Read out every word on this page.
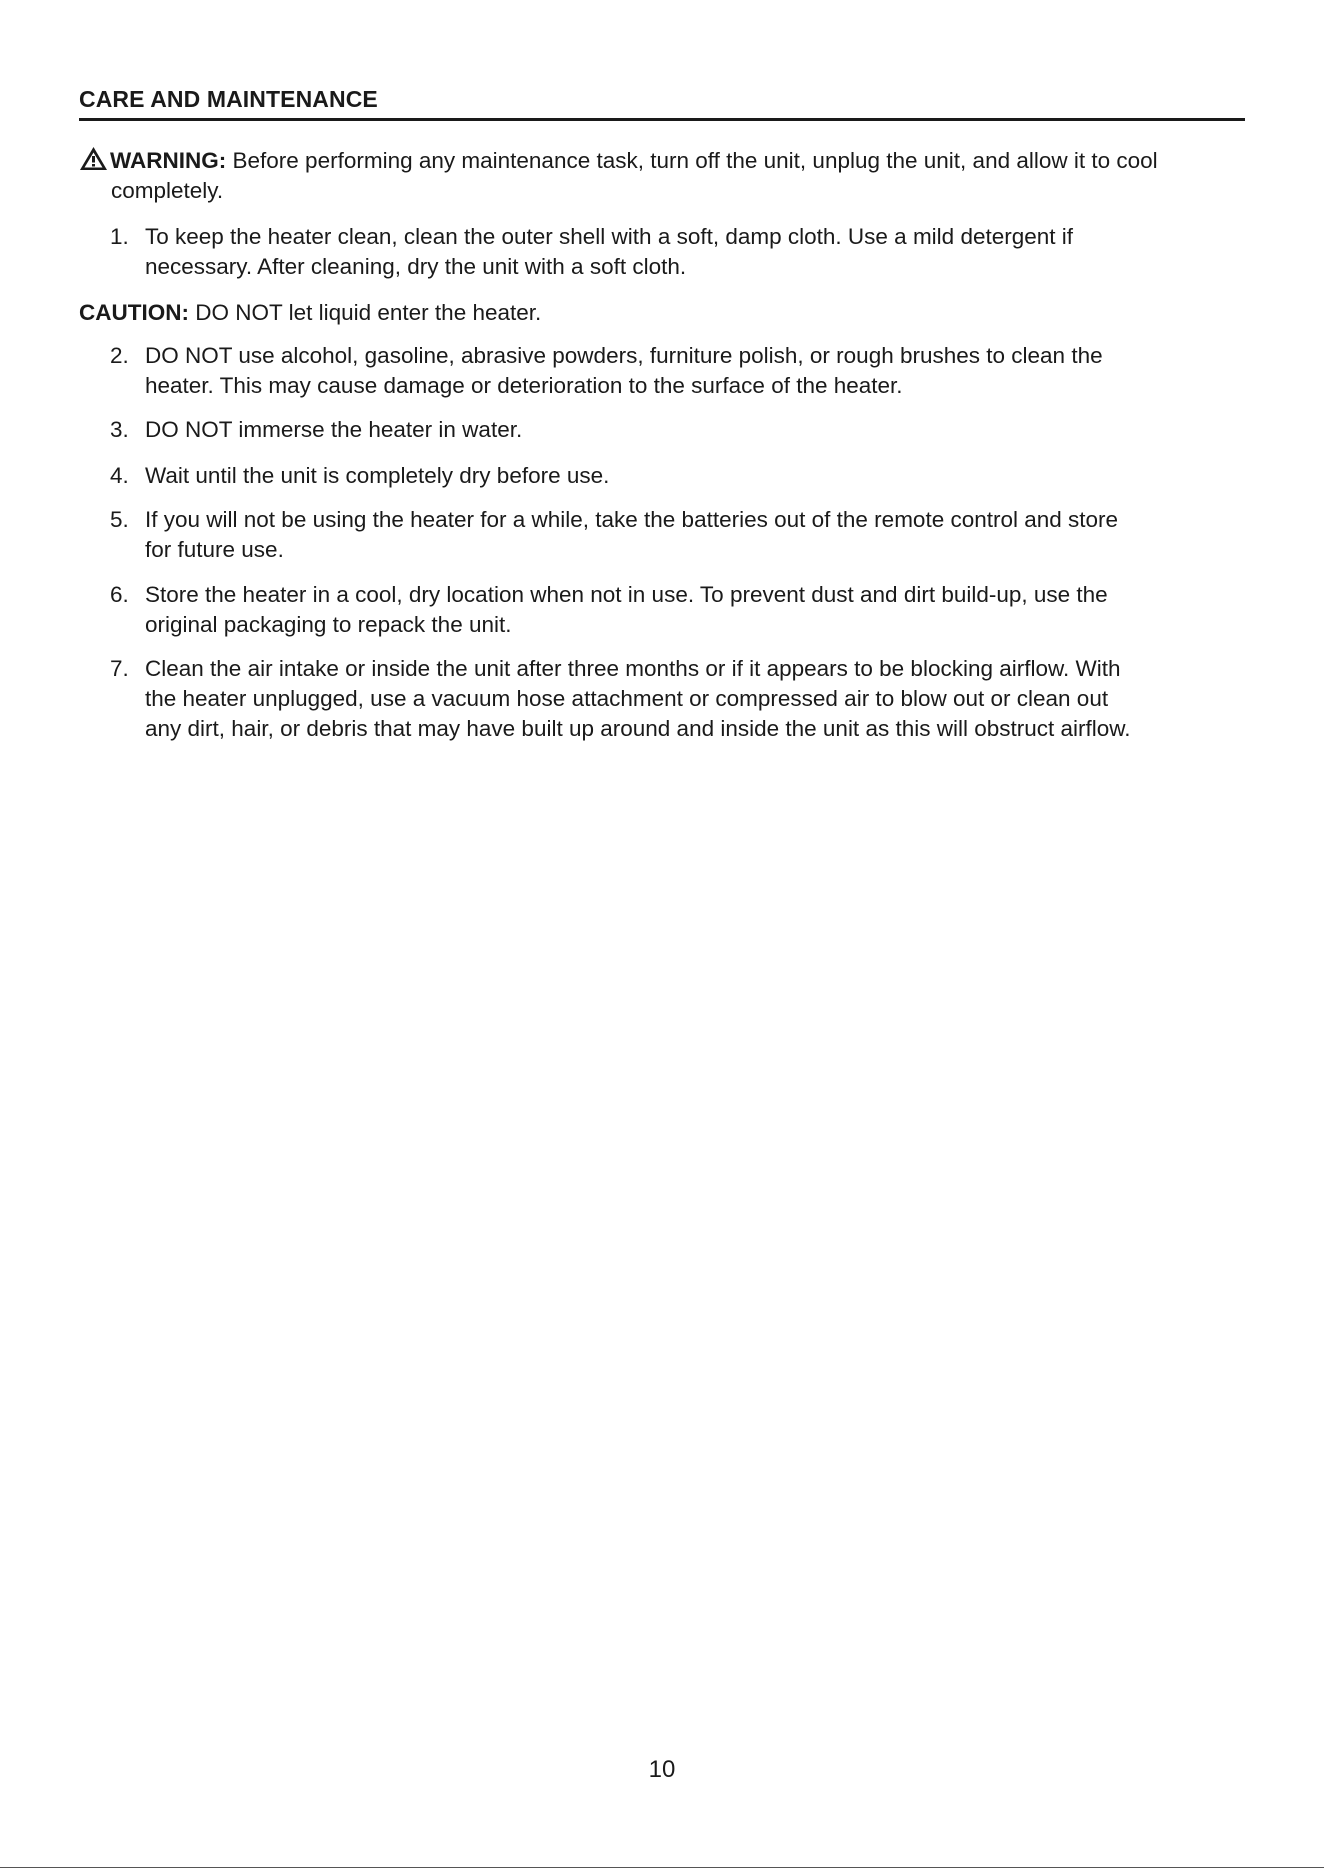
CARE AND MAINTENANCE
WARNING: Before performing any maintenance task, turn off the unit, unplug the unit, and allow it to cool
completely.
1. To keep the heater clean, clean the outer shell with a soft, damp cloth. Use a mild detergent if
necessary. After cleaning, dry the unit with a soft cloth.
CAUTION: DO NOT let liquid enter the heater.
2. DO NOT use alcohol, gasoline, abrasive powders, furniture polish, or rough brushes to clean the
heater. This may cause damage or deterioration to the surface of the heater.
3. DO NOT immerse the heater in water.
4. Wait until the unit is completely dry before use.
5. If you will not be using the heater for a while, take the batteries out of the remote control and store
for future use.
6. Store the heater in a cool, dry location when not in use. To prevent dust and dirt build-up, use the
original packaging to repack the unit.
7. Clean the air intake or inside the unit after three months or if it appears to be blocking airflow. With
the heater unplugged, use a vacuum hose attachment or compressed air to blow out or clean out
any dirt, hair, or debris that may have built up around and inside the unit as this will obstruct airflow.
10
